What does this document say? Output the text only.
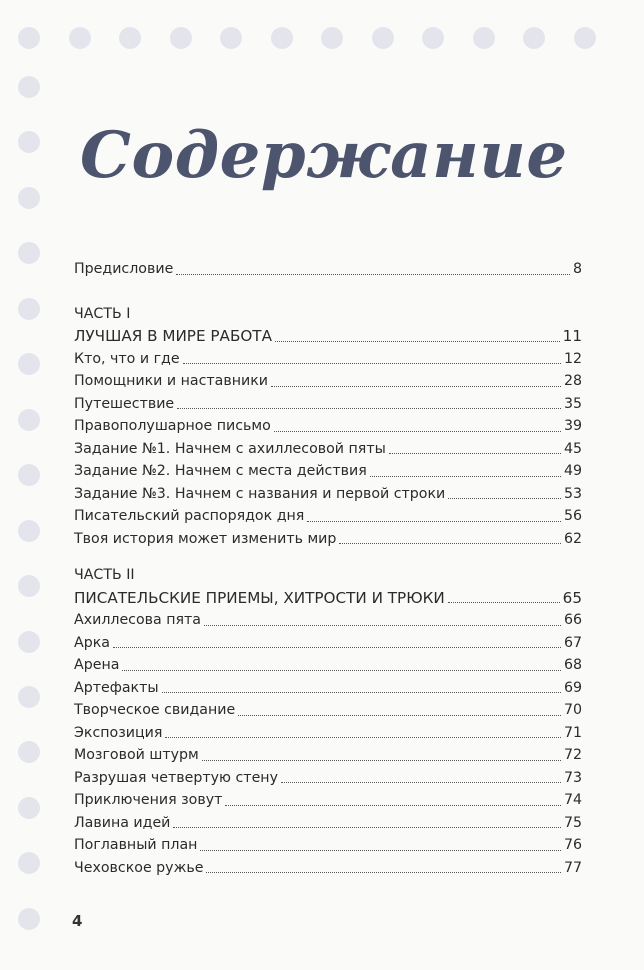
Содержание
Предисловие	8
ЧАСТЬ I
ЛУЧШАЯ В МИРЕ РАБОТА	11
Кто, что и где	12
Помощники и наставники	28
Путешествие	35
Правополушарное письмо	39
Задание №1. Начнем с ахиллесовой пяты	45
Задание №2. Начнем с места действия	49
Задание №3. Начнем с названия и первой строки	53
Писательский распорядок дня	56
Твоя история может изменить мир	62
ЧАСТЬ II
ПИСАТЕЛЬСКИЕ ПРИЕМЫ, ХИТРОСТИ И ТРЮКИ	65
Ахиллесова пята	66
Арка	67
Арена	68
Артефакты	69
Творческое свидание	70
Экспозиция	71
Мозговой штурм	72
Разрушая четвертую стену	73
Приключения зовут	74
Лавина идей	75
Поглавный план	76
Чеховское ружье	77
4
